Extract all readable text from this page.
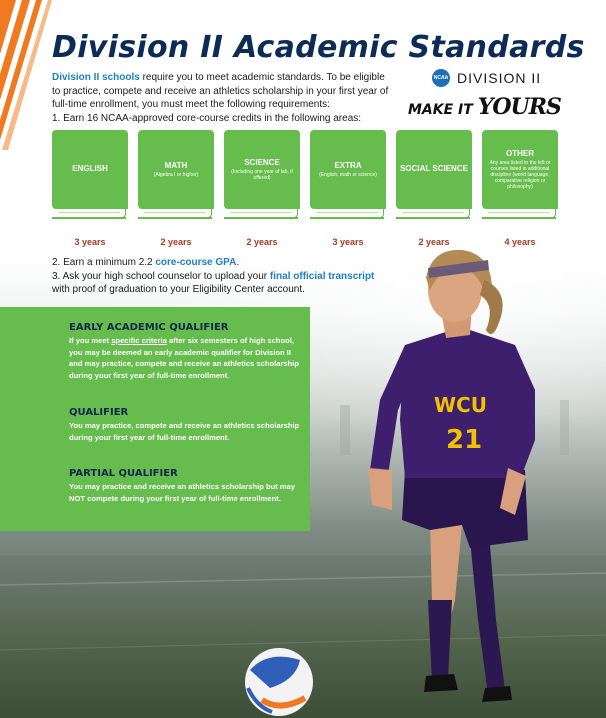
Division II Academic Standards

Division II schools require you to meet academic standards. To be eligible to practice, compete and receive an athletics scholarship in your first year of full-time enrollment, you must meet the following requirements:

NCAA DIVISION II
MAKE IT YOURS

1. Earn 16 NCAA-approved core-course credits in the following areas:

ENGLISH	MATH
(Algebra I or higher)
SCIENCE
(Including one year of lab, if offered)
EXTRA
(English, math or science)
SOCIAL SCIENCE
OTHER
Any area listed to the left or courses listed in additional discipline (world language, comparative religion or philosophy)
3 years	2 years	2 years	3 years	2 years	4 years

2. Earn a minimum 2.2 core-course GPA.

3. Ask your high school counselor to upload your final official transcript with proof of graduation to your Eligibility Center account.

WCU
21
EARLY ACADEMIC QUALIFIER

If you meet specific criteria after six semesters of high school, you may be deemed an early academic qualifier for Division II and may practice, compete and receive an athletics scholarship during your first year of full-time enrollment.

QUALIFIER

You may practice, compete and receive an athletics scholarship during your first year of full-time enrollment.

PARTIAL QUALIFIER

You may practice and receive an athletics scholarship but may NOT compete during your first year of full-time enrollment.
